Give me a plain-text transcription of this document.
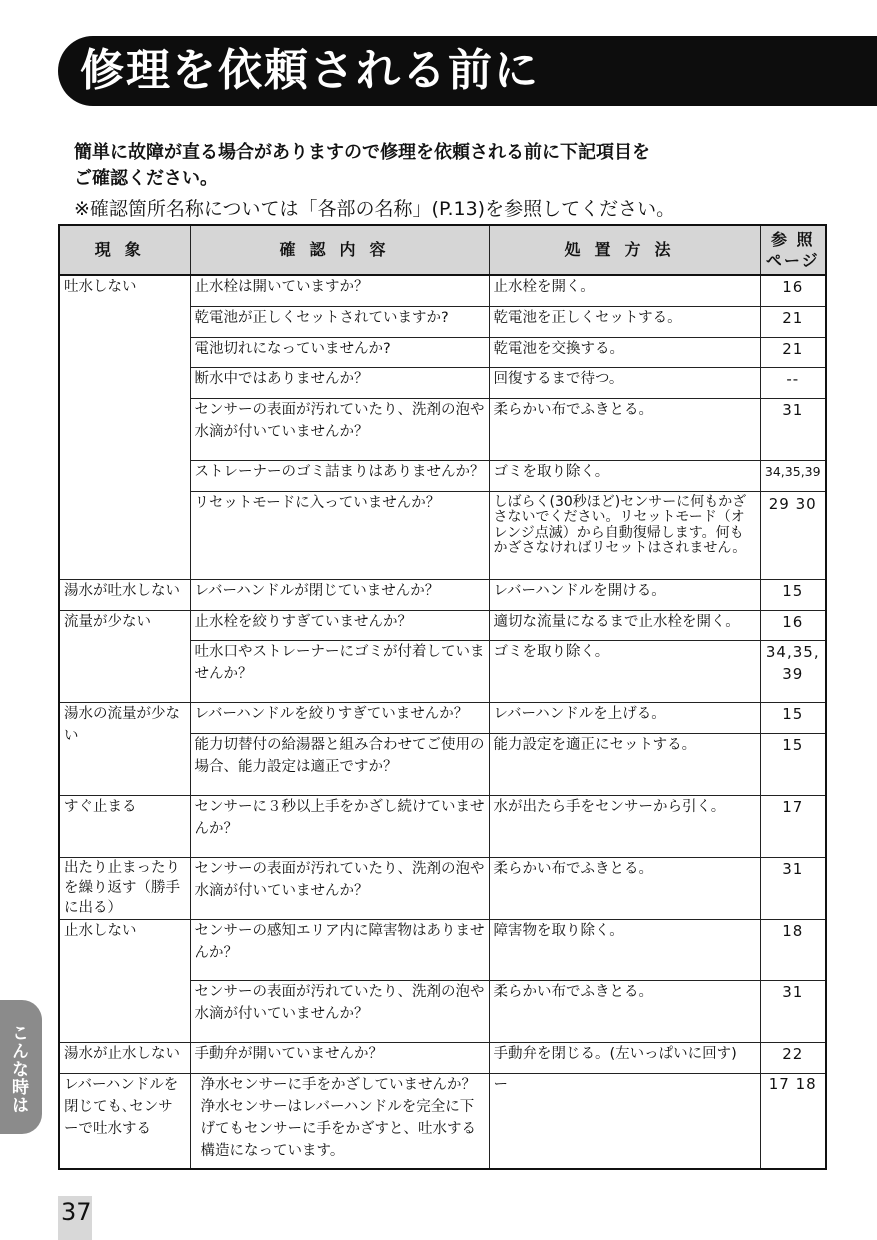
修理を依頼される前に

簡単に故障が直る場合がありますので修理を依頼される前に下記項目を

ご確認ください。

※確認箇所名称については「各部の名称」(P.13)を参照してください。

現象	確認内容	処置方法	参 照
ページ
吐水しない	止水栓は開いていますか？	止水栓を開く。	16
	乾電池が正しくセットされていますか?	乾電池を正しくセットする。	21
	電池切れになっていませんか?	乾電池を交換する。	21
	断水中ではありませんか？	回復するまで待つ。	--
	センサーの表面が汚れていたり、洗剤の泡や水滴が付いていませんか？	柔らかい布でふきとる。	31
	ストレーナーのゴミ詰まりはありませんか？	ゴミを取り除く。	34,35,39
	リセットモードに入っていませんか？	しばらく(30秒ほど)センサーに何もかざさないでください。リセットモード（オレンジ点滅）から自動復帰します。何もかざさなければリセットはされません。	29 30
湯水が吐水しない	レバーハンドルが閉じていませんか？	レバーハンドルを開ける。	15
流量が少ない	止水栓を絞りすぎていませんか？	適切な流量になるまで止水栓を開く。	16
	吐水口やストレーナーにゴミが付着していませんか？	ゴミを取り除く。	34,35, 39
湯水の流量が少ない	レバーハンドルを絞りすぎていませんか？	レバーハンドルを上げる。	15
	能力切替付の給湯器と組み合わせてご使用の場合、能力設定は適正ですか？	能力設定を適正にセットする。	15
すぐ止まる	センサーに３秒以上手をかざし続けていませんか？	水が出たら手をセンサーから引く。	17
出たり止まったりを繰り返す（勝手に出る）	センサーの表面が汚れていたり、洗剤の泡や水滴が付いていませんか？	柔らかい布でふきとる。	31
止水しない	センサーの感知エリア内に障害物はありませんか？	障害物を取り除く。	18
	センサーの表面が汚れていたり、洗剤の泡や水滴が付いていませんか？	柔らかい布でふきとる。	31
湯水が止水しない	手動弁が開いていませんか？	手動弁を閉じる。(左いっぱいに回す)	22
レバーハンドルを閉じても､センサーで吐水する	浄水センサーに手をかざしていませんか？浄水センサーはレバーハンドルを完全に下げてもセンサーに手をかざすと、吐水する構造になっています。	ー	17 18
こんな時は
37
